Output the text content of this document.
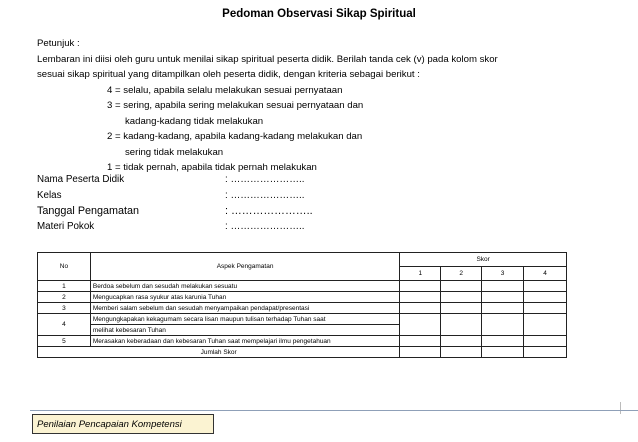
Pedoman Observasi Sikap Spiritual
Petunjuk :
Lembaran ini diisi oleh guru untuk menilai sikap spiritual peserta didik. Berilah tanda cek (v) pada kolom skor
sesuai sikap spiritual yang ditampilkan oleh peserta didik, dengan kriteria sebagai berikut :
4 = selalu, apabila selalu melakukan sesuai pernyataan
3 = sering, apabila sering melakukan sesuai pernyataan dan
kadang-kadang tidak melakukan
2 = kadang-kadang, apabila kadang-kadang melakukan dan
sering tidak melakukan
1 = tidak pernah, apabila tidak pernah melakukan
Nama Peserta Didik	: …………………..
Kelas	: …………………..
Tanggal Pengamatan	: …………………..
Materi Pokok	: …………………..
No	Aspek Pengamatan	Skor			
		1	2	3	4
1	Berdoa sebelum dan sesudah melakukan sesuatu				
2	Mengucapkan rasa syukur atas karunia Tuhan				
3	Memberi salam sebelum dan sesudah menyampaikan pendapat/presentasi				
4	Mengungkapakan kekagumam secara lisan maupun tulisan terhadap Tuhan saat				
	melihat kebesaran Tuhan				
5	Merasakan keberadaan dan kebesaran Tuhan saat mempelajari ilmu pengetahuan				
Jumlah Skor					
Penilaian Pencapaian Kompetensi
